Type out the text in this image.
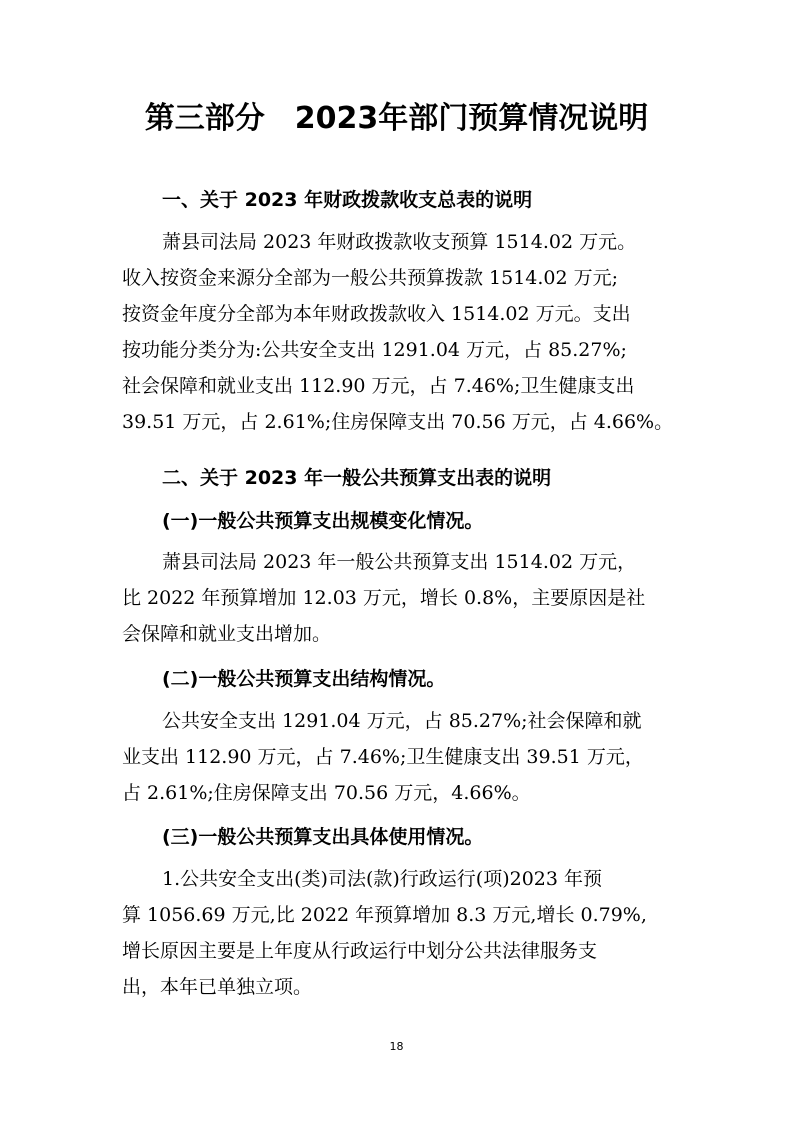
第三部分　2023年部门预算情况说明
一、关于 2023 年财政拨款收支总表的说明
萧县司法局 2023 年财政拨款收支预算 1514.02 万元。
收入按资金来源分全部为一般公共预算拨款 1514.02 万元;
按资金年度分全部为本年财政拨款收入 1514.02 万元。支出
按功能分类分为:公共安全支出 1291.04 万元，占 85.27%;
社会保障和就业支出 112.90 万元，占 7.46%;卫生健康支出
39.51 万元，占 2.61%;住房保障支出 70.56 万元，占 4.66%。
二、关于 2023 年一般公共预算支出表的说明
(一)一般公共预算支出规模变化情况。
萧县司法局 2023 年一般公共预算支出 1514.02 万元，
比 2022 年预算增加 12.03 万元，增长 0.8%，主要原因是社
会保障和就业支出增加。
(二)一般公共预算支出结构情况。
公共安全支出 1291.04 万元，占 85.27%;社会保障和就
业支出 112.90 万元，占 7.46%;卫生健康支出 39.51 万元，
占 2.61%;住房保障支出 70.56 万元，4.66%。
(三)一般公共预算支出具体使用情况。
1.公共安全支出(类)司法(款)行政运行(项)2023 年预
算 1056.69 万元,比 2022 年预算增加 8.3 万元,增长 0.79%,
增长原因主要是上年度从行政运行中划分公共法律服务支
出，本年已单独立项。
18
